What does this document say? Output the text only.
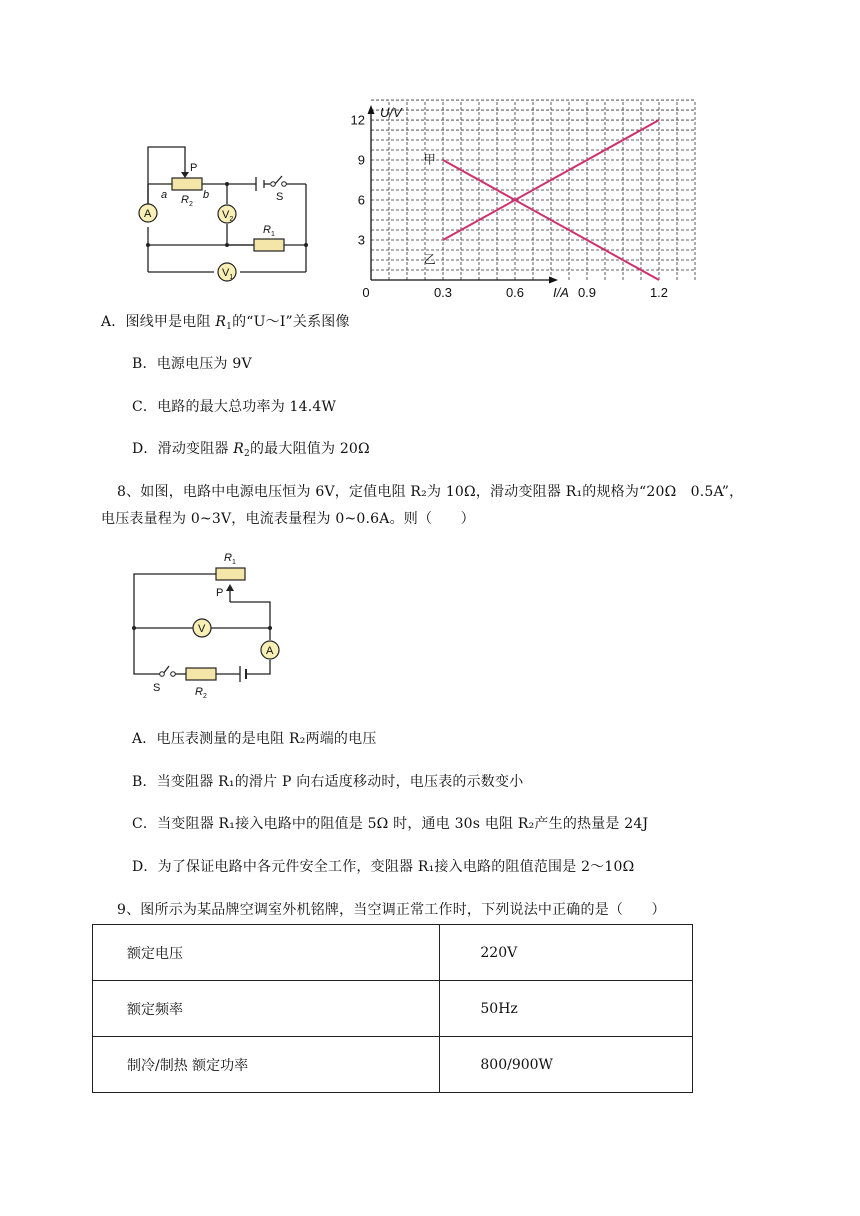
A	$V_2$
$V_1$
P
a	b
$R_2$
S
$R_1$
12
9
6
3
0	0.3	0.6	0.9	1.2
U/V
I/A
甲
乙
A．图线甲是电阻 $R_1$的“U～I”关系图像
B．电源电压为 9V
C．电路的最大总功率为 14.4W
D．滑动变阻器 $R_2$的最大阻值为 20Ω
8、如图，电路中电源电压恒为 6V，定值电阻 R₂为 10Ω，滑动变阻器 R₁的规格为“20Ω　0.5A”，
电压表量程为 0~3V，电流表量程为 0~0.6A。则（　　）
$R_1$
P
V
A
S	$R_2$
A．电压表测量的是电阻 R₂两端的电压
B．当变阻器 R₁的滑片 P 向右适度移动时，电压表的示数变小
C．当变阻器 R₁接入电路中的阻值是 5Ω 时，通电 30s 电阻 R₂产生的热量是 24J
D．为了保证电路中各元件安全工作，变阻器 R₁接入电路的阻值范围是 2～10Ω
9、图所示为某品牌空调室外机铭牌，当空调正常工作时，下列说法中正确的是（　　）
额定电压	220V
额定频率	50Hz
制冷/制热 额定功率	800/900W
